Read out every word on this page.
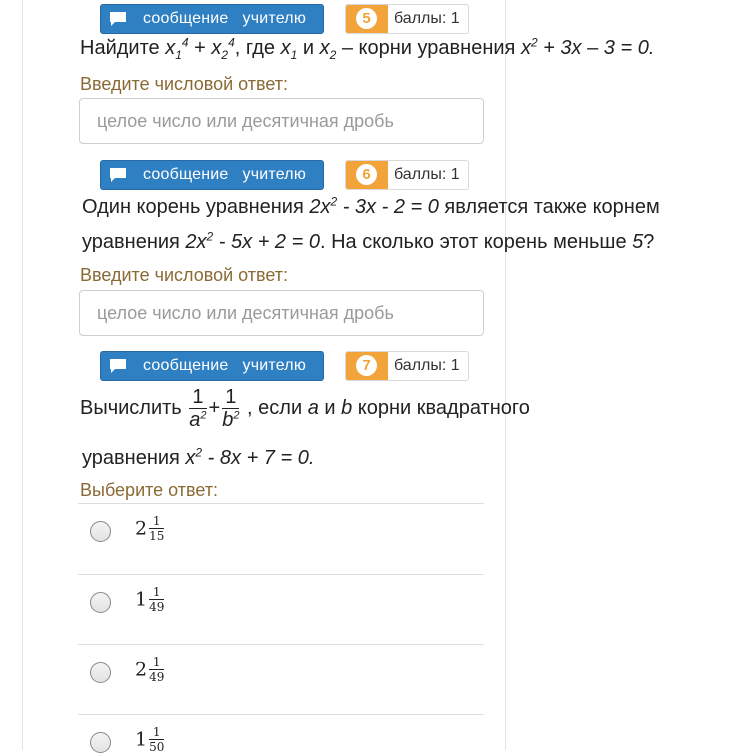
сообщение учителю	5	баллы: 1
Найдите $x_1^4 + x_2^4$, где $x_1$ и $x_2$ – корни уравнения $x^2 + 3x - 3 = 0$.
Введите числовой ответ:
целое число или десятичная дробь
сообщение учителю	6	баллы: 1
Один корень уравнения $2x^2 - 3x - 2 = 0$ является также корнем
уравнения $2x^2 - 5x + 2 = 0$. На сколько этот корень меньше 5?
Введите числовой ответ:
целое число или десятичная дробь
сообщение учителю	7	баллы: 1
Вычислить $\frac{1}{a^2} + \frac{1}{b^2}$ , если a и b корни квадратного
уравнения $x^2 - 8x + 7 = 0$.
Выберите ответ:
$2 \frac{1}{15}$
$1 \frac{1}{49}$
$2 \frac{1}{49}$
$1 \frac{1}{50}$
